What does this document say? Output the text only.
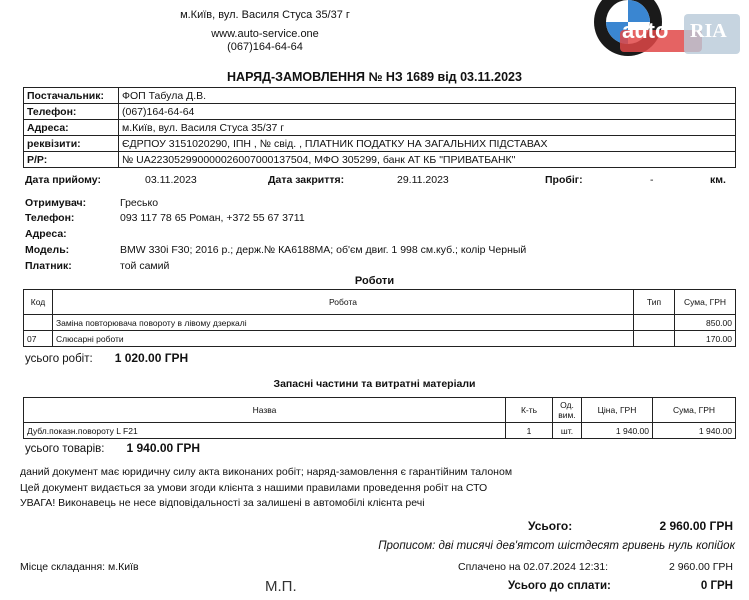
м.Київ, вул. Василя Стуса 35/37 г
www.auto-service.one
(067)164-64-64
auto RIA
НАРЯД-ЗАМОВЛЕННЯ № НЗ 1689 від 03.11.2023
Постачальник:	ФОП Табула Д.В.
Телефон:	(067)164-64-64
Адреса:	м.Київ, вул. Василя Стуса 35/37 г
реквізити:	ЄДРПОУ 3151020290, ІПН , № свід. , ПЛАТНИК ПОДАТКУ НА ЗАГАЛЬНИХ ПІДСТАВАХ
Р/Р:	№ UA223052990000026007000137504, МФО 305299, банк АТ КБ "ПРИВАТБАНК"
Дата прийому:	03.11.2023	Дата закриття:	29.11.2023	Пробіг:	-	км.
Отримувач:	Гресько
Телефон:	093 117 78 65 Роман, +372 55 67 3711
Адреса:
Модель:	BMW 330i F30; 2016 р.; держ.№ КА6188МА; об'єм двиг. 1 998 см.куб.; колір Черный
Платник:	той самий
Роботи
Код	Робота	Тип	Сума, ГРН
	Заміна повторювача повороту в лівому дзеркалі		850.00
07	Слюсарні роботи		170.00
усього робіт: 1 020.00 ГРН
Запасні частини та витратні матеріали
Назва	К-ть	Од. вим.	Ціна, ГРН	Сума, ГРН
Дубл.показн.повороту L F21	1	шт.	1 940.00	1 940.00
усього товарів: 1 940.00 ГРН
даний документ має юридичну силу акта виконаних робіт; наряд-замовлення є гарантійним талоном
Цей документ видається за умови згоди клієнта з нашими правилами проведення робіт на СТО
УВАГА! Виконавець не несе відповідальності за залишені в автомобілі клієнта речі
Усього:	2 960.00 ГРН
Прописом: дві тисячі дев'ятсот шістдесят гривень нуль копійок
Місце складання: м.Київ	Сплачено на 02.07.2024 12:31:	2 960.00 ГРН
М.П.	Усього до сплати:	0 ГРН
